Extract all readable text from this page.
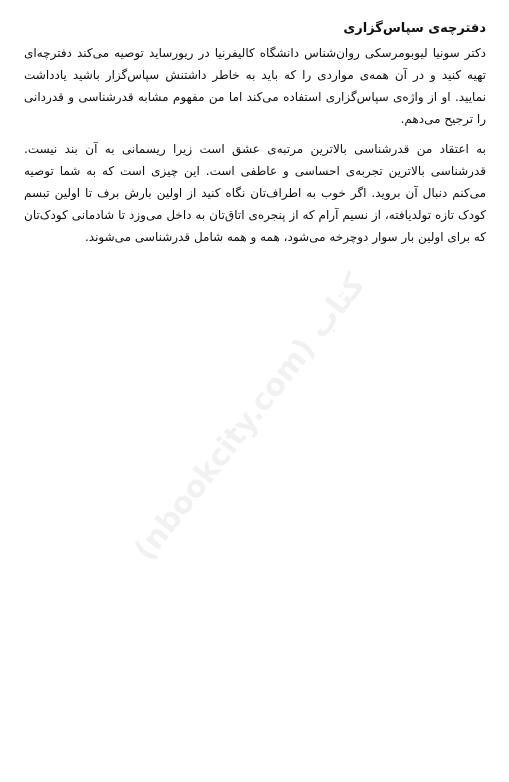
دفترچه‌ی سپاس‌گزاری

دکتر سونیا لیوبومرسکی روان‌شناس دانشگاه کالیفرنیا در ریورساید توصیه می‌کند دفترچه‌ای تهیه کنید و در آن همه‌ی مواردی را که باید به خاطر داشتنش سپاس‌گزار باشید یادداشت نمایید. او از واژه‌ی سپاس‌گزاری استفاده می‌کند اما من مفهوم مشابه قدرشناسی و قدردانی را ترجیح می‌دهم.

به اعتقاد من قدرشناسی بالاترین مرتبه‌ی عشق است زیرا ریسمانی به آن بند نیست. قدرشناسی بالاترین تجربه‌ی احساسی و عاطفی است. این چیزی است که به شما توصیه می‌کنم دنبال آن بروید. اگر خوب به اطراف‌تان نگاه کنید از اولین بارش برف تا اولین تبسم کودک تازه تولدیافته، از نسیم آرام که از پنجره‌ی اتاق‌تان به داخل می‌وزد تا شادمانی کودک‌تان که برای اولین بار سوار دوچرخه می‌شود، همه و همه شامل قدرشناسی می‌شوند.

(nbookcity.com) کتاب
